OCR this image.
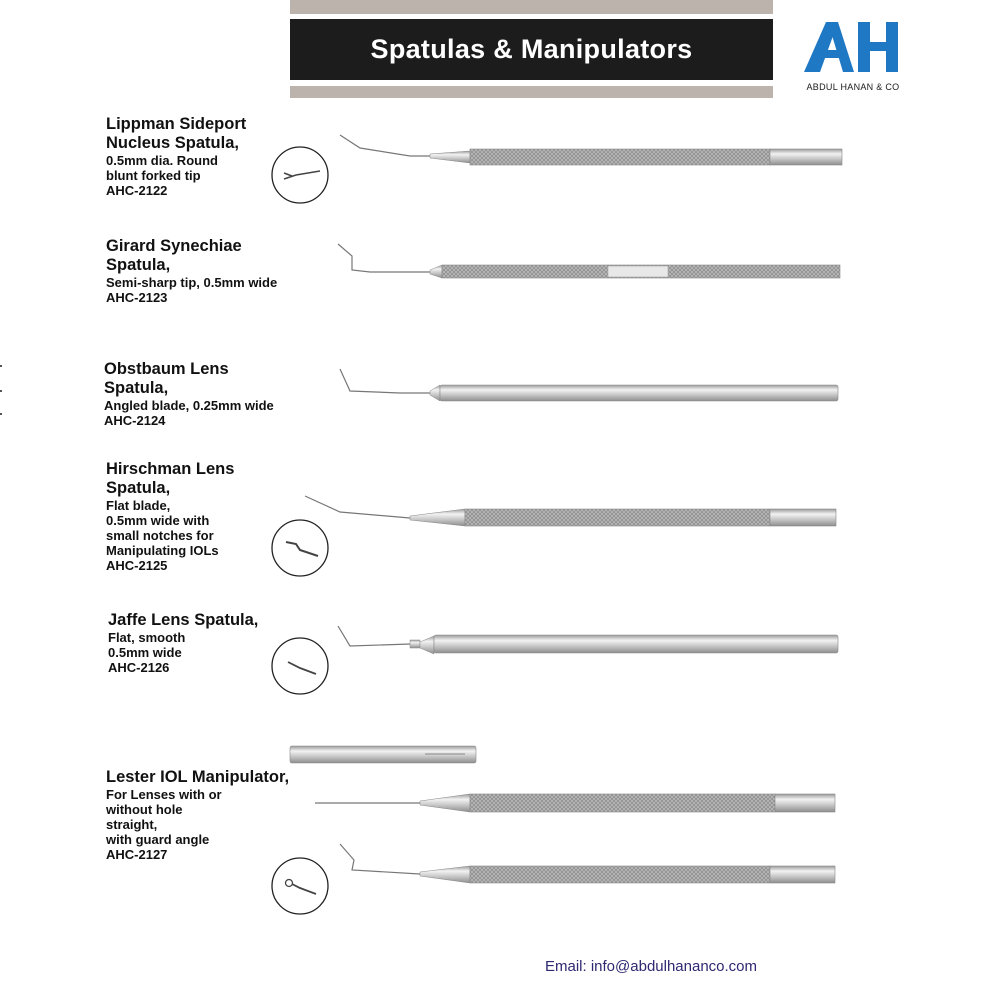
Spatulas & Manipulators
ABDUL HANAN & CO
Lippman Sideport
Nucleus Spatula,
0.5mm dia. Round
blunt forked tip
AHC-2122
Girard Synechiae
Spatula,
Semi-sharp tip, 0.5mm wide
AHC-2123
Obstbaum Lens
Spatula,
Angled blade, 0.25mm wide
AHC-2124
Hirschman Lens
Spatula,
Flat blade,
0.5mm wide with
small notches for
Manipulating IOLs
AHC-2125
Jaffe Lens Spatula,
Flat, smooth
0.5mm wide
AHC-2126
Lester IOL Manipulator,
For Lenses with or
without hole
straight,
with guard angle
AHC-2127
Email: info@abdulhananco.com
